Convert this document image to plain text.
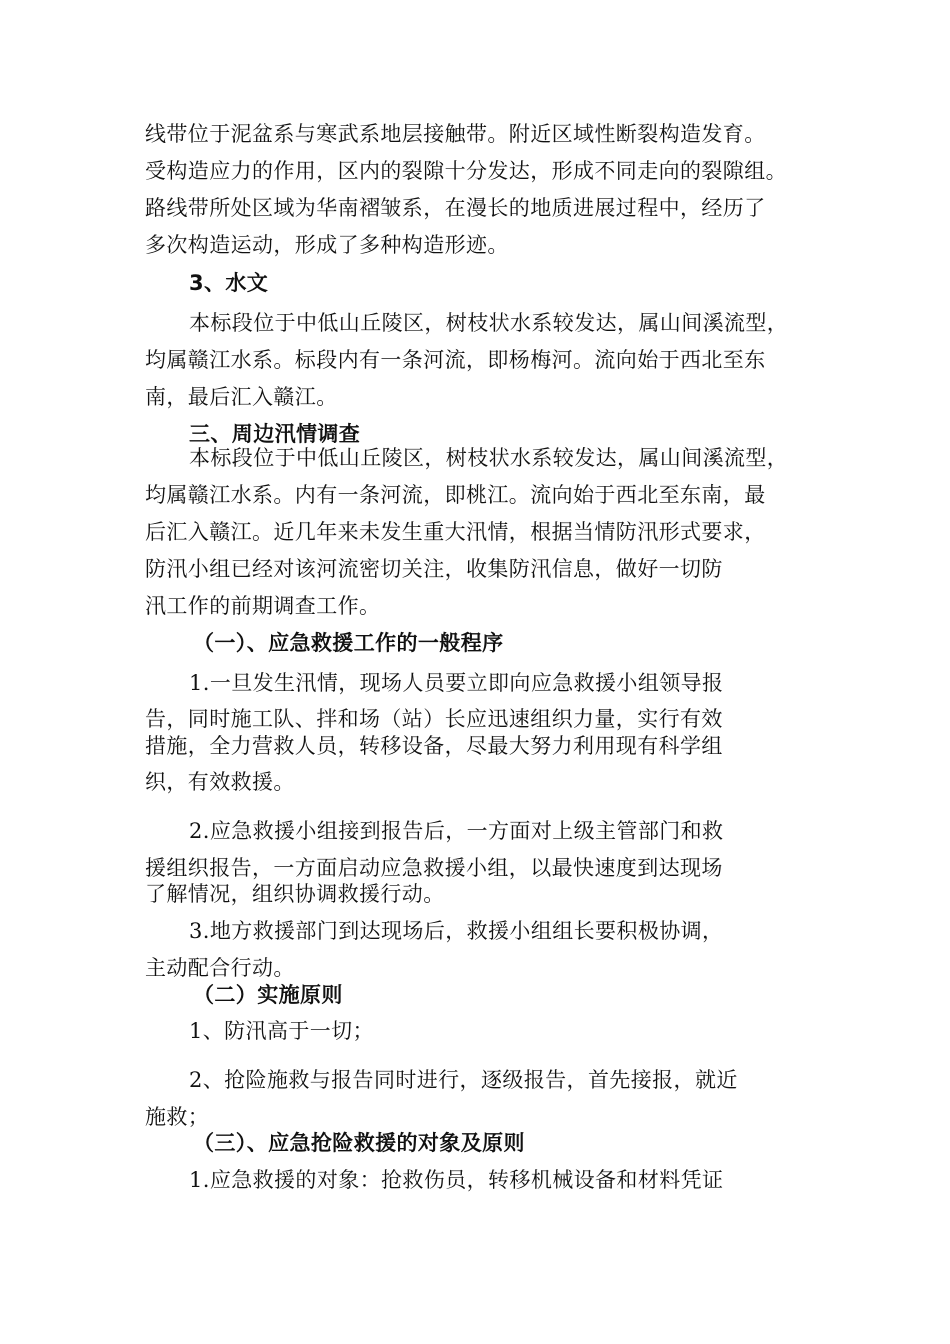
线带位于泥盆系与寒武系地层接触带。附近区域性断裂构造发育。
受构造应力的作用，区内的裂隙十分发达，形成不同走向的裂隙组。
路线带所处区域为华南褶皱系，在漫长的地质进展过程中，经历了
多次构造运动，形成了多种构造形迹。
3、水文
本标段位于中低山丘陵区，树枝状水系较发达，属山间溪流型，
均属赣江水系。标段内有一条河流，即杨梅河。流向始于西北至东
南，最后汇入赣江。
三、周边汛情调查
本标段位于中低山丘陵区，树枝状水系较发达，属山间溪流型，
均属赣江水系。内有一条河流，即桃江。流向始于西北至东南，最
后汇入赣江。近几年来未发生重大汛情，根据当情防汛形式要求，
防汛小组已经对该河流密切关注，收集防汛信息，做好一切防
汛工作的前期调查工作。
（一）、应急救援工作的一般程序
1.一旦发生汛情，现场人员要立即向应急救援小组领导报
告，同时施工队、拌和场（站）长应迅速组织力量，实行有效
措施，全力营救人员，转移设备，尽最大努力利用现有科学组
织，有效救援。
2.应急救援小组接到报告后，一方面对上级主管部门和救
援组织报告，一方面启动应急救援小组，以最快速度到达现场
了解情况，组织协调救援行动。
3.地方救援部门到达现场后，救援小组组长要积极协调，
主动配合行动。
（二）实施原则
1、防汛高于一切；
2、抢险施救与报告同时进行，逐级报告，首先接报，就近
施救；
（三）、应急抢险救援的对象及原则
1.应急救援的对象：抢救伤员，转移机械设备和材料凭证
